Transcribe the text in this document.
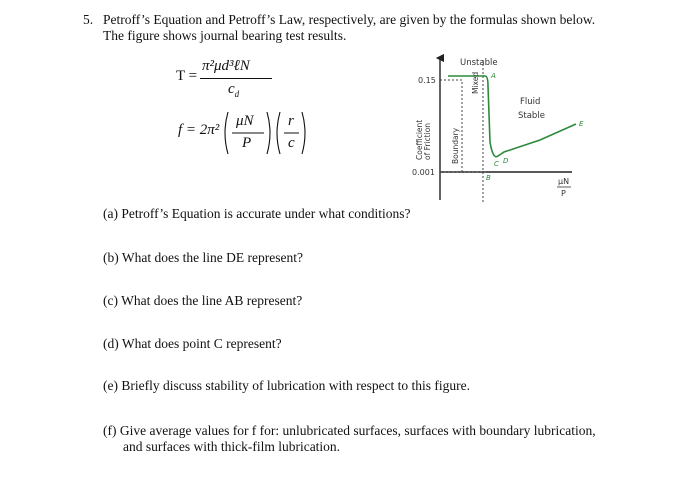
5. Petroff’s Equation and Petroff’s Law, respectively, are given by the formulas shown below.
The figure shows journal bearing test results.
T =
π²μd³ℓN
$c_d$
f = 2π²
μN
P
r
c
A
B
C D
E
Unstable
Mixed
Boundary
Fluid
Stable
Coefficient of Friction
0.15
0.001
μN
P
(a) Petroff’s Equation is accurate under what conditions?
(b) What does the line DE represent?
(c) What does the line AB represent?
(d) What does point C represent?
(e) Briefly discuss stability of lubrication with respect to this figure.
(f) Give average values for f for: unlubricated surfaces, surfaces with boundary lubrication,
and surfaces with thick-film lubrication.
